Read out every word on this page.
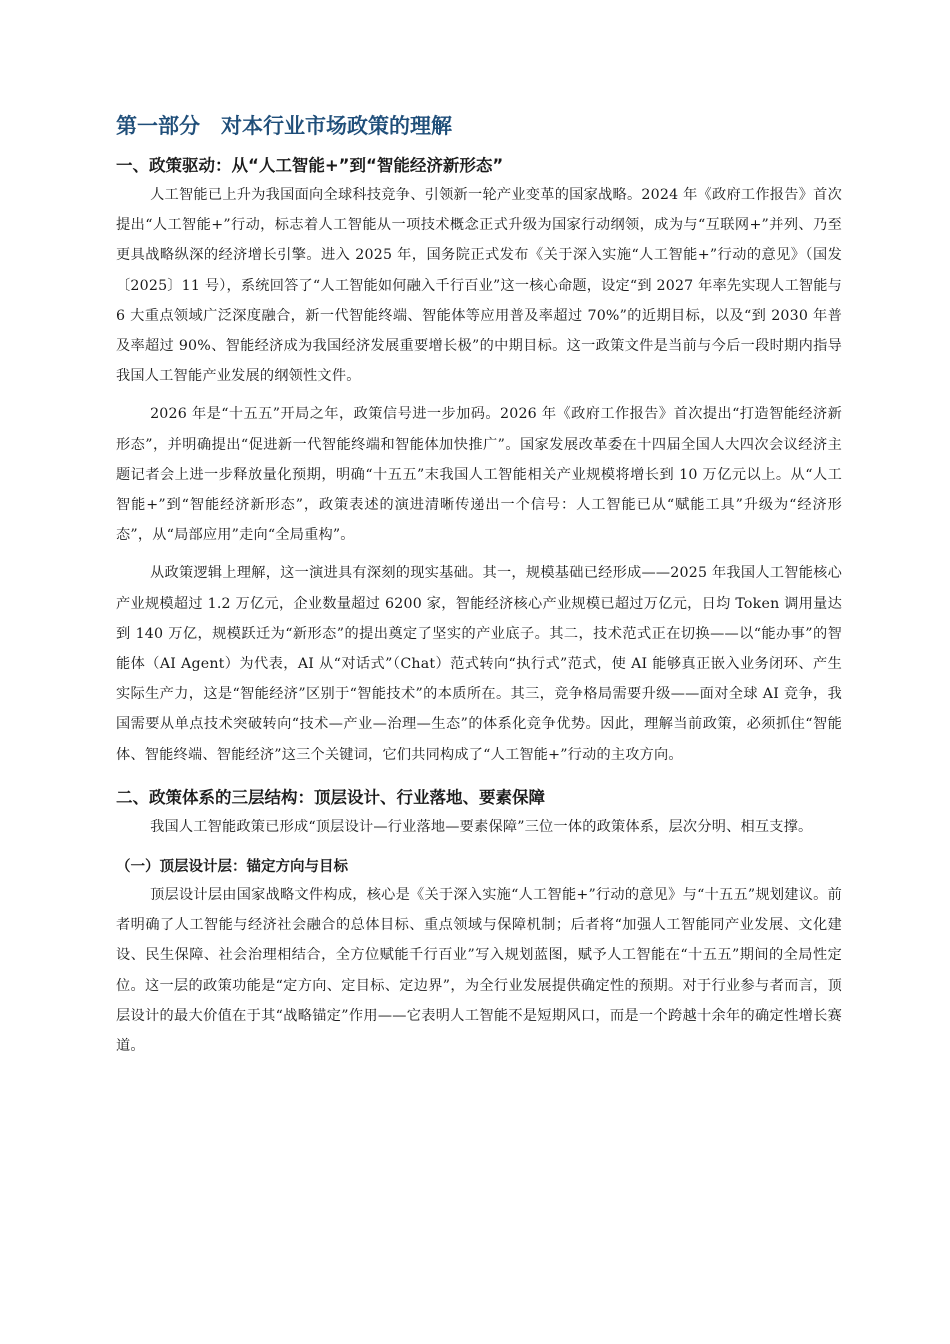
第一部分　对本行业市场政策的理解
一、政策驱动：从“人工智能+”到“智能经济新形态”

人工智能已上升为我国面向全球科技竞争、引领新一轮产业变革的国家战略。2024 年《政府工作报告》首次提出“人工智能+”行动，标志着人工智能从一项技术概念正式升级为国家行动纲领，成为与“互联网+”并列、乃至更具战略纵深的经济增长引擎。进入 2025 年，国务院正式发布《关于深入实施“人工智能+”行动的意见》（国发〔2025〕11 号），系统回答了“人工智能如何融入千行百业”这一核心命题，设定“到 2027 年率先实现人工智能与 6 大重点领域广泛深度融合，新一代智能终端、智能体等应用普及率超过 70%”的近期目标，以及“到 2030 年普及率超过 90%、智能经济成为我国经济发展重要增长极”的中期目标。这一政策文件是当前与今后一段时期内指导我国人工智能产业发展的纲领性文件。

2026 年是“十五五”开局之年，政策信号进一步加码。2026 年《政府工作报告》首次提出“打造智能经济新形态”，并明确提出“促进新一代智能终端和智能体加快推广”。国家发展改革委在十四届全国人大四次会议经济主题记者会上进一步释放量化预期，明确“十五五”末我国人工智能相关产业规模将增长到 10 万亿元以上。从“人工智能+”到“智能经济新形态”，政策表述的演进清晰传递出一个信号：人工智能已从“赋能工具”升级为“经济形态”，从“局部应用”走向“全局重构”。

从政策逻辑上理解，这一演进具有深刻的现实基础。其一，规模基础已经形成——2025 年我国人工智能核心产业规模超过 1.2 万亿元，企业数量超过 6200 家，智能经济核心产业规模已超过万亿元，日均 Token 调用量达到 140 万亿，规模跃迁为“新形态”的提出奠定了坚实的产业底子。其二，技术范式正在切换——以“能办事”的智能体（AI Agent）为代表，AI 从“对话式”（Chat）范式转向“执行式”范式，使 AI 能够真正嵌入业务闭环、产生实际生产力，这是“智能经济”区别于“智能技术”的本质所在。其三，竞争格局需要升级——面对全球 AI 竞争，我国需要从单点技术突破转向“技术—产业—治理—生态”的体系化竞争优势。因此，理解当前政策，必须抓住“智能体、智能终端、智能经济”这三个关键词，它们共同构成了“人工智能+”行动的主攻方向。

二、政策体系的三层结构：顶层设计、行业落地、要素保障

我国人工智能政策已形成“顶层设计—行业落地—要素保障”三位一体的政策体系，层次分明、相互支撑。

（一）顶层设计层：锚定方向与目标

顶层设计层由国家战略文件构成，核心是《关于深入实施“人工智能+”行动的意见》与“十五五”规划建议。前者明确了人工智能与经济社会融合的总体目标、重点领域与保障机制；后者将“加强人工智能同产业发展、文化建设、民生保障、社会治理相结合，全方位赋能千行百业”写入规划蓝图，赋予人工智能在“十五五”期间的全局性定位。这一层的政策功能是“定方向、定目标、定边界”，为全行业发展提供确定性的预期。对于行业参与者而言，顶层设计的最大价值在于其“战略锚定”作用——它表明人工智能不是短期风口，而是一个跨越十余年的确定性增长赛道。
